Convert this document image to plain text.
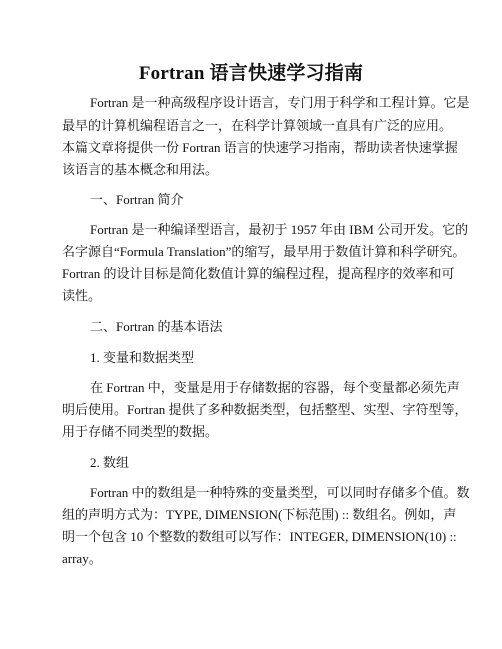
Fortran 语言快速学习指南
Fortran 是一种高级程序设计语言，专门用于科学和工程计算。它是
最早的计算机编程语言之一，在科学计算领域一直具有广泛的应用。
本篇文章将提供一份 Fortran 语言的快速学习指南，帮助读者快速掌握
该语言的基本概念和用法。
一、Fortran 简介
Fortran 是一种编译型语言，最初于 1957 年由 IBM 公司开发。它的
名字源自“Formula Translation”的缩写，最早用于数值计算和科学研究。
Fortran 的设计目标是简化数值计算的编程过程，提高程序的效率和可
读性。
二、Fortran 的基本语法
1. 变量和数据类型
在 Fortran 中，变量是用于存储数据的容器，每个变量都必须先声
明后使用。Fortran 提供了多种数据类型，包括整型、实型、字符型等，
用于存储不同类型的数据。
2. 数组
Fortran 中的数组是一种特殊的变量类型，可以同时存储多个值。数
组的声明方式为：TYPE, DIMENSION(下标范围) :: 数组名。例如，声
明一个包含 10 个整数的数组可以写作：INTEGER, DIMENSION(10) ::
array。
